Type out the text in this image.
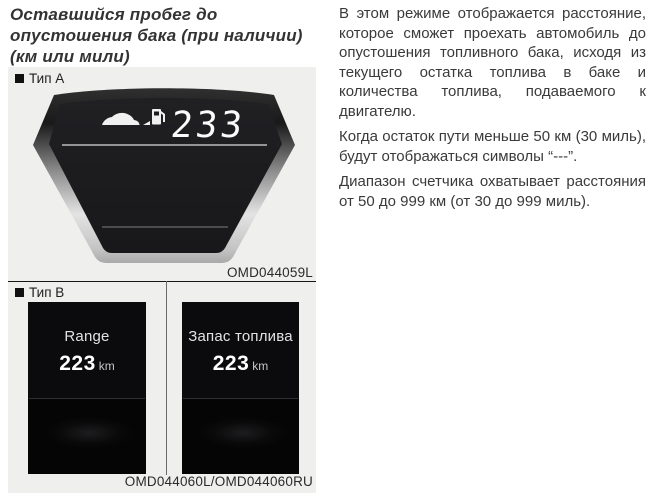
Оставшийся пробег до
опустошения бака (при наличии)
(км или мили)
Тип A
233
OMD044059L
Тип B
Range
223 km
Запас топлива
223 km
OMD044060L/OMD044060RU

В этом режиме отображается расстояние, которое сможет проехать автомобиль до опустошения топливного бака, исходя из текущего остатка топлива в баке и количества топлива, подаваемого к двигателю.

Когда остаток пути меньше 50 км (30 миль), будут отображаться символы “---”.

Диапазон счетчика охватывает расстояния от 50 до 999 км (от 30 до 999 миль).
